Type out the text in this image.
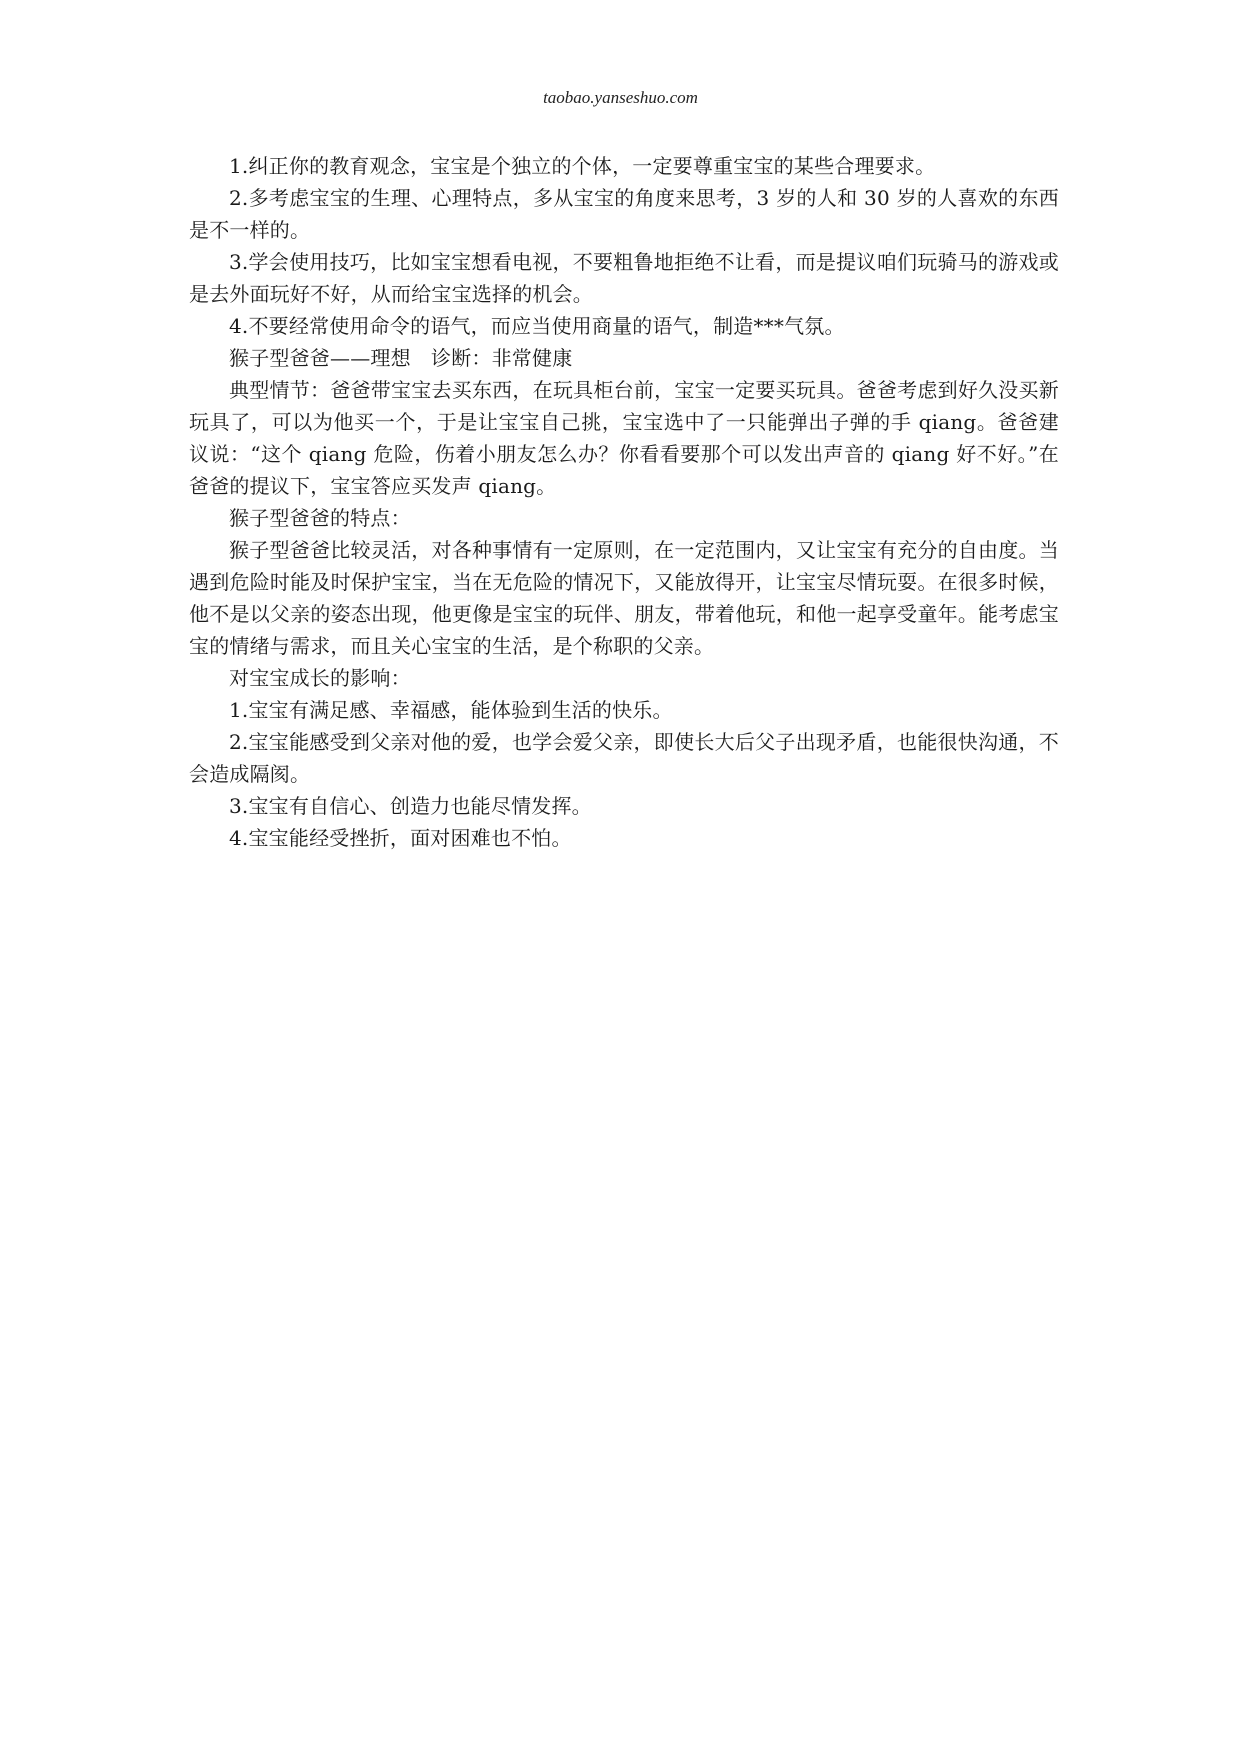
taobao.yanseshuo.com

1.纠正你的教育观念，宝宝是个独立的个体，一定要尊重宝宝的某些合理要求。

2.多考虑宝宝的生理、心理特点，多从宝宝的角度来思考，3 岁的人和 30 岁的人喜欢的东西是不一样的。

3.学会使用技巧，比如宝宝想看电视，不要粗鲁地拒绝不让看，而是提议咱们玩骑马的游戏或是去外面玩好不好，从而给宝宝选择的机会。

4.不要经常使用命令的语气，而应当使用商量的语气，制造***气氛。

猴子型爸爸——理想　诊断：非常健康

典型情节：爸爸带宝宝去买东西，在玩具柜台前，宝宝一定要买玩具。爸爸考虑到好久没买新玩具了，可以为他买一个，于是让宝宝自己挑，宝宝选中了一只能弹出子弹的手 qiang。爸爸建议说：“这个 qiang 危险，伤着小朋友怎么办？你看看要那个可以发出声音的 qiang 好不好。”在爸爸的提议下，宝宝答应买发声 qiang。

猴子型爸爸的特点：

猴子型爸爸比较灵活，对各种事情有一定原则，在一定范围内，又让宝宝有充分的自由度。当遇到危险时能及时保护宝宝，当在无危险的情况下，又能放得开，让宝宝尽情玩耍。在很多时候，他不是以父亲的姿态出现，他更像是宝宝的玩伴、朋友，带着他玩，和他一起享受童年。能考虑宝宝的情绪与需求，而且关心宝宝的生活，是个称职的父亲。

对宝宝成长的影响：

1.宝宝有满足感、幸福感，能体验到生活的快乐。

2.宝宝能感受到父亲对他的爱，也学会爱父亲，即使长大后父子出现矛盾，也能很快沟通，不会造成隔阂。

3.宝宝有自信心、创造力也能尽情发挥。

4.宝宝能经受挫折，面对困难也不怕。
